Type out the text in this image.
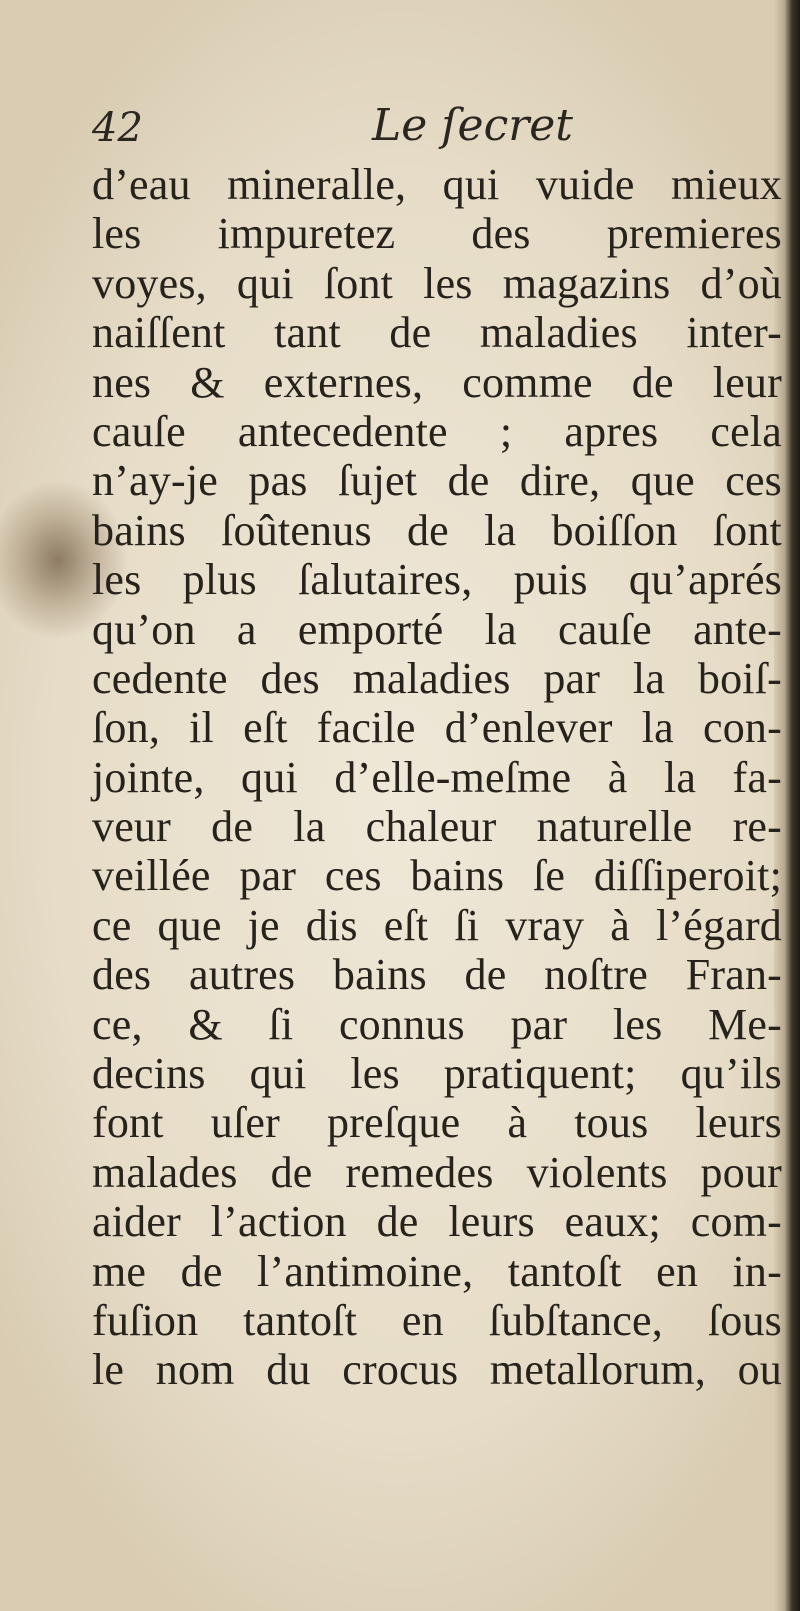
42	Le ſecret
d’eau mineralle, qui vuide mieux
les impuretez des premieres
voyes, qui ſont les magazins d’où
naiſſent tant de maladies inter-
nes & externes, comme de leur
cauſe antecedente ; apres cela
n’ay-je pas ſujet de dire, que ces
bains ſoûtenus de la boiſſon ſont
les plus ſalutaires, puis qu’aprés
qu’on a emporté la cauſe ante-
cedente des maladies par la boiſ-
ſon, il eſt facile d’enlever la con-
jointe, qui d’elle-meſme à la fa-
veur de la chaleur naturelle re-
veillée par ces bains ſe diſſiperoit;
ce que je dis eſt ſi vray à l’égard
des autres bains de noſtre Fran-
ce, & ſi connus par les Me-
decins qui les pratiquent; qu’ils
font uſer preſque à tous leurs
malades de remedes violents pour
aider l’action de leurs eaux; com-
me de l’antimoine, tantoſt en in-
fuſion tantoſt en ſubſtance, ſous
le nom du crocus metallorum, ou
